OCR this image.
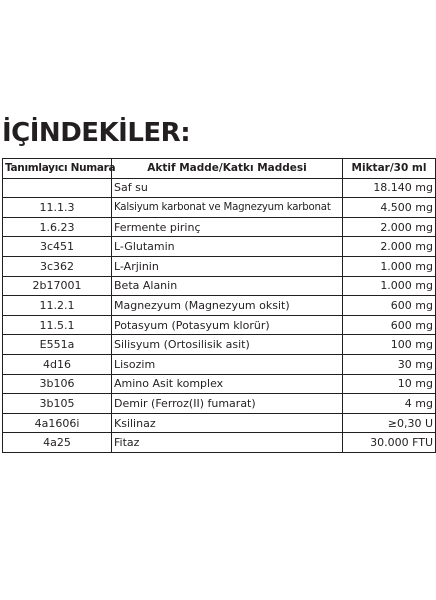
İÇİNDEKİLER:
Tanımlayıcı Numara	Aktif Madde/Katkı Maddesi	Miktar/30 ml
	Saf su	18.140 mg
11.1.3	Kalsiyum karbonat ve Magnezyum karbonat	4.500 mg
1.6.23	Fermente pirinç	2.000 mg
3c451	L-Glutamin	2.000 mg
3c362	L-Arjinin	1.000 mg
2b17001	Beta Alanin	1.000 mg
11.2.1	Magnezyum (Magnezyum oksit)	600 mg
11.5.1	Potasyum (Potasyum klorür)	600 mg
E551a	Silisyum (Ortosilisik asit)	100 mg
4d16	Lisozim	30 mg
3b106	Amino Asit komplex	10 mg
3b105	Demir (Ferroz(II) fumarat)	4 mg
4a1606i	Ksilinaz	≥0,30 U
4a25	Fitaz	30.000 FTU
